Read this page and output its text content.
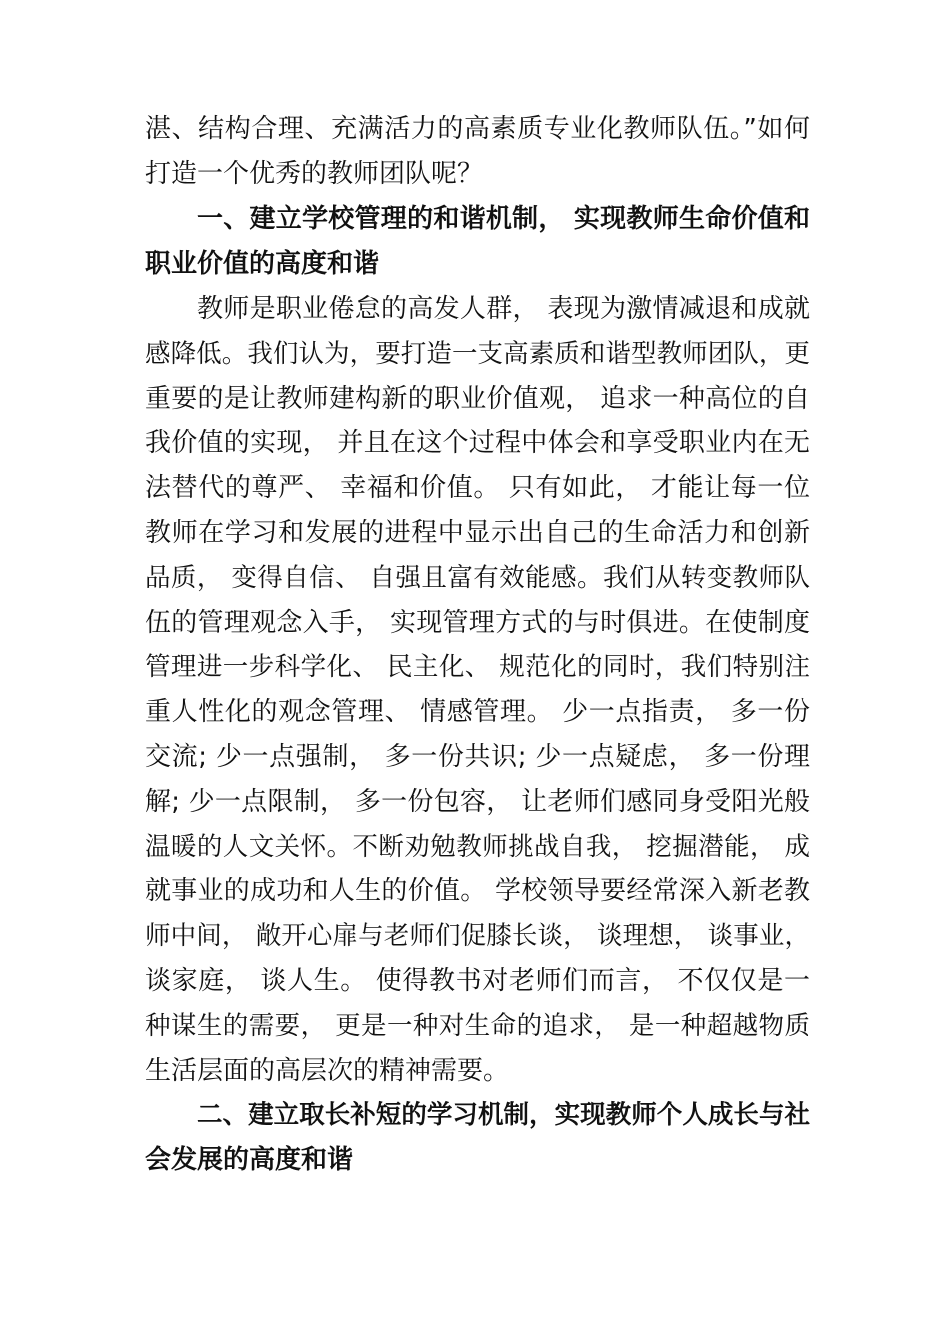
湛、结构合理、充满活力的高素质专业化教师队伍。”如何
打造一个优秀的教师团队呢？
一、建立学校管理的和谐机制， 实现教师生命价值和
职业价值的高度和谐
教师是职业倦怠的高发人群， 表现为激情减退和成就
感降低。我们认为，要打造一支高素质和谐型教师团队，更
重要的是让教师建构新的职业价值观， 追求一种高位的自
我价值的实现， 并且在这个过程中体会和享受职业内在无
法替代的尊严、 幸福和价值。 只有如此， 才能让每一位
教师在学习和发展的进程中显示出自己的生命活力和创新
品质， 变得自信、 自强且富有效能感。我们从转变教师队
伍的管理观念入手， 实现管理方式的与时俱进。在使制度
管理进一步科学化、 民主化、 规范化的同时，我们特别注
重人性化的观念管理、 情感管理。 少一点指责， 多一份
交流; 少一点强制， 多一份共识; 少一点疑虑， 多一份理
解; 少一点限制， 多一份包容， 让老师们感同身受阳光般
温暖的人文关怀。不断劝勉教师挑战自我， 挖掘潜能， 成
就事业的成功和人生的价值。 学校领导要经常深入新老教
师中间， 敞开心扉与老师们促膝长谈， 谈理想， 谈事业，
谈家庭， 谈人生。 使得教书对老师们而言， 不仅仅是一
种谋生的需要， 更是一种对生命的追求， 是一种超越物质
生活层面的高层次的精神需要。
二、建立取长补短的学习机制，实现教师个人成长与社
会发展的高度和谐
